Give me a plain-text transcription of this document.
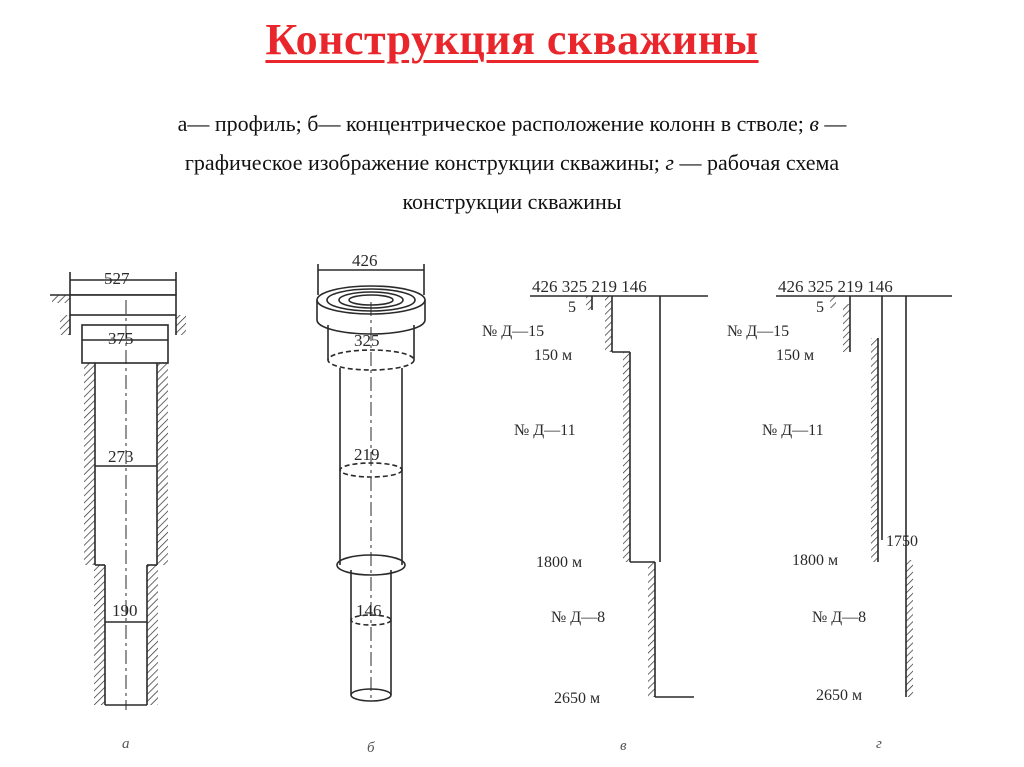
Конструкция скважины
а— профиль; б— концентрическое расположение колонн в стволе; в —
графическое изображение конструкции скважины; г — рабочая схема
конструкции скважины
527
375
273
190
а
426
325
219
146
б
426 325 219 146
5
№ Д—15
150 м
№ Д—11
1800 м
№ Д—8
2650 м
в
426 325 219 146
5
№ Д—15
150 м
№ Д—11
1750
1800 м
№ Д—8
2650 м
г
